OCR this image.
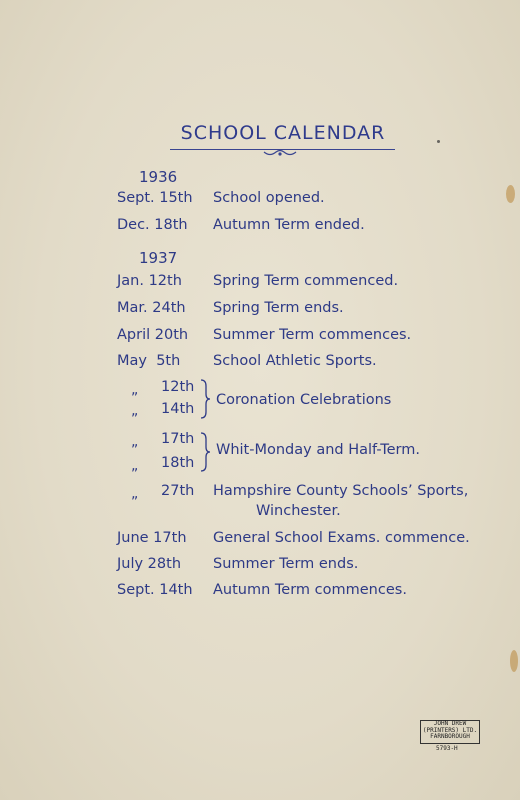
SCHOOL CALENDAR
1936
Sept. 15th School opened.
Dec. 18th Autumn Term ended.
1937
Jan. 12th Spring Term commenced.
Mar. 24th Spring Term ends.
April 20th Summer Term commences.
May  5th School Athletic Sports.
„ 12th
„ 14th
Coronation Celebrations
„ 17th
„ 18th
Whit-Monday and Half-Term.
„ 27th Hampshire County Schools’ Sports,
Winchester.
June 17th General School Exams. commence.
July 28th Summer Term ends.
Sept. 14th Autumn Term commences.
JOHN DREW
(PRINTERS) LTD.
FARNBOROUGH
5793-H
